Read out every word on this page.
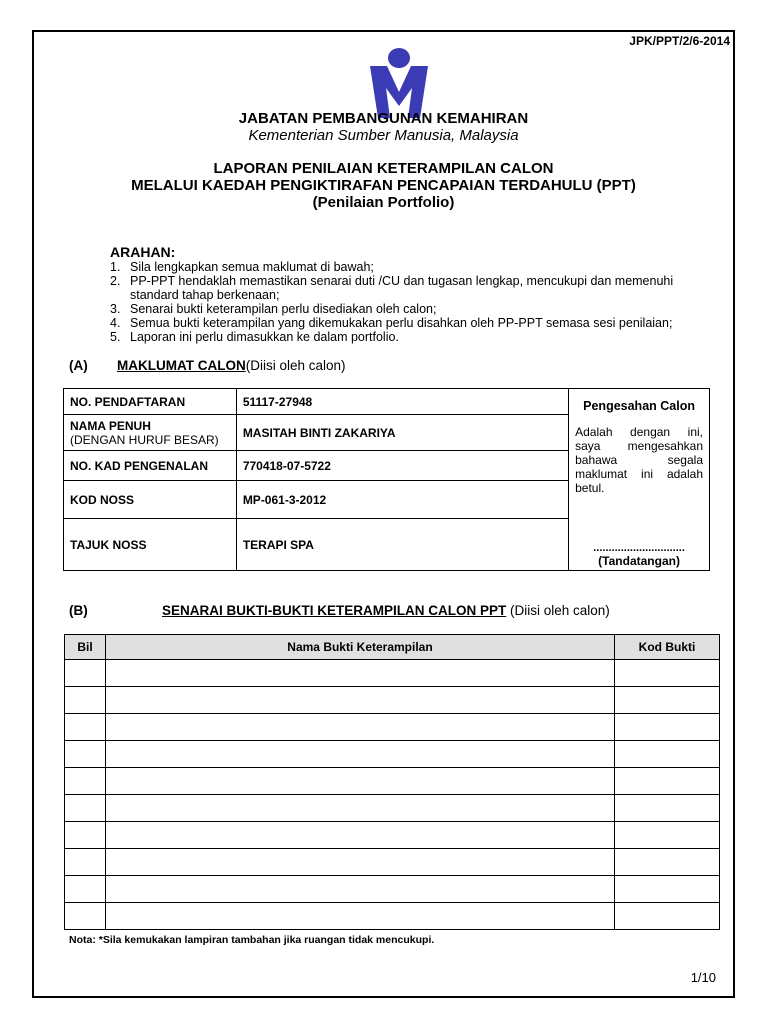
JPK/PPT/2/6-2014
JABATAN PEMBANGUNAN KEMAHIRAN
Kementerian Sumber Manusia, Malaysia
LAPORAN PENILAIAN KETERAMPILAN CALON
MELALUI KAEDAH PENGIKTIRAFAN PENCAPAIAN TERDAHULU (PPT)
(Penilaian Portfolio)
ARAHAN:
1. Sila lengkapkan semua maklumat di bawah;
2. PP-PPT hendaklah memastikan senarai duti /CU dan tugasan lengkap, mencukupi dan memenuhi standard tahap berkenaan;
3. Senarai bukti keterampilan perlu disediakan oleh calon;
4. Semua bukti keterampilan yang dikemukakan perlu disahkan oleh PP-PPT semasa sesi penilaian;
5. Laporan ini perlu dimasukkan ke dalam portfolio.
(A) MAKLUMAT CALON(Diisi oleh calon)
NO. PENDAFTARAN	51117-27948	Pengesahan Calon
Adalah dengan ini, saya mengesahkan bahawa segala maklumat ini adalah betul.
..............................
(Tandatangan)

NAMA PENUH
(DENGAN HURUF BESAR)	MASITAH BINTI ZAKARIYA	
NO. KAD PENGENALAN	770418-07-5722	
KOD NOSS	MP-061-3-2012	
TAJUK NOSS	TERAPI SPA	
(B)	SENARAI BUKTI-BUKTI KETERAMPILAN CALON PPT (Diisi oleh calon)
Bil	Nama Bukti Keterampilan	Kod Bukti

Nota: *Sila kemukakan lampiran tambahan jika ruangan tidak mencukupi.
1/10
